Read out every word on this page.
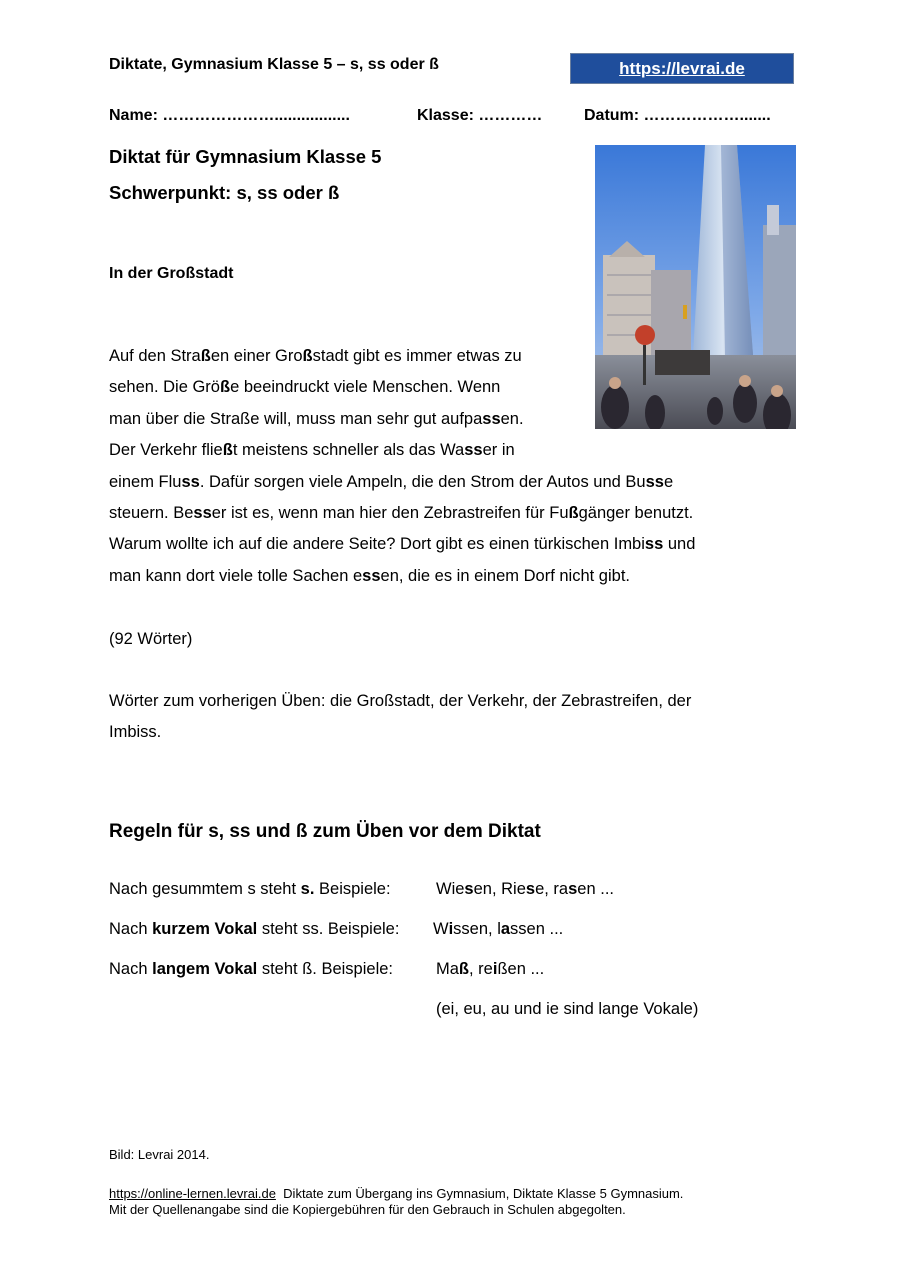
Diktate, Gymnasium Klasse 5 – s, ss oder ß	https://levrai.de
Name: ………………….................	Klasse: …………	Datum: ……………….......
Diktat für Gymnasium Klasse 5
Schwerpunkt: s, ss oder ß
In der Großstadt
Auf den Straßen einer Großstadt gibt es immer etwas zu
sehen. Die Größe beeindruckt viele Menschen. Wenn
man über die Straße will, muss man sehr gut aufpassen.
Der Verkehr fließt meistens schneller als das Wasser in
einem Fluss. Dafür sorgen viele Ampeln, die den Strom der Autos und Busse
steuern. Besser ist es, wenn man hier den Zebrastreifen für Fußgänger benutzt.
Warum wollte ich auf die andere Seite? Dort gibt es einen türkischen Imbiss und
man kann dort viele tolle Sachen essen, die es in einem Dorf nicht gibt.
(92 Wörter)
Wörter zum vorherigen Üben: die Großstadt, der Verkehr, der Zebrastreifen, der
Imbiss.
Regeln für s, ss und ß zum Üben vor dem Diktat
Nach gesummtem s steht s. Beispiele:	Wiesen, Riese, rasen ...
Nach kurzem Vokal steht ss. Beispiele: Wissen, lassen ...
Nach langem Vokal steht ß. Beispiele:	Maß, reißen ...
(ei, eu, au und ie sind lange Vokale)
Bild: Levrai 2014.
https://online-lernen.levrai.de  Diktate zum Übergang ins Gymnasium, Diktate Klasse 5 Gymnasium.
Mit der Quellenangabe sind die Kopiergebühren für den Gebrauch in Schulen abgegolten.
